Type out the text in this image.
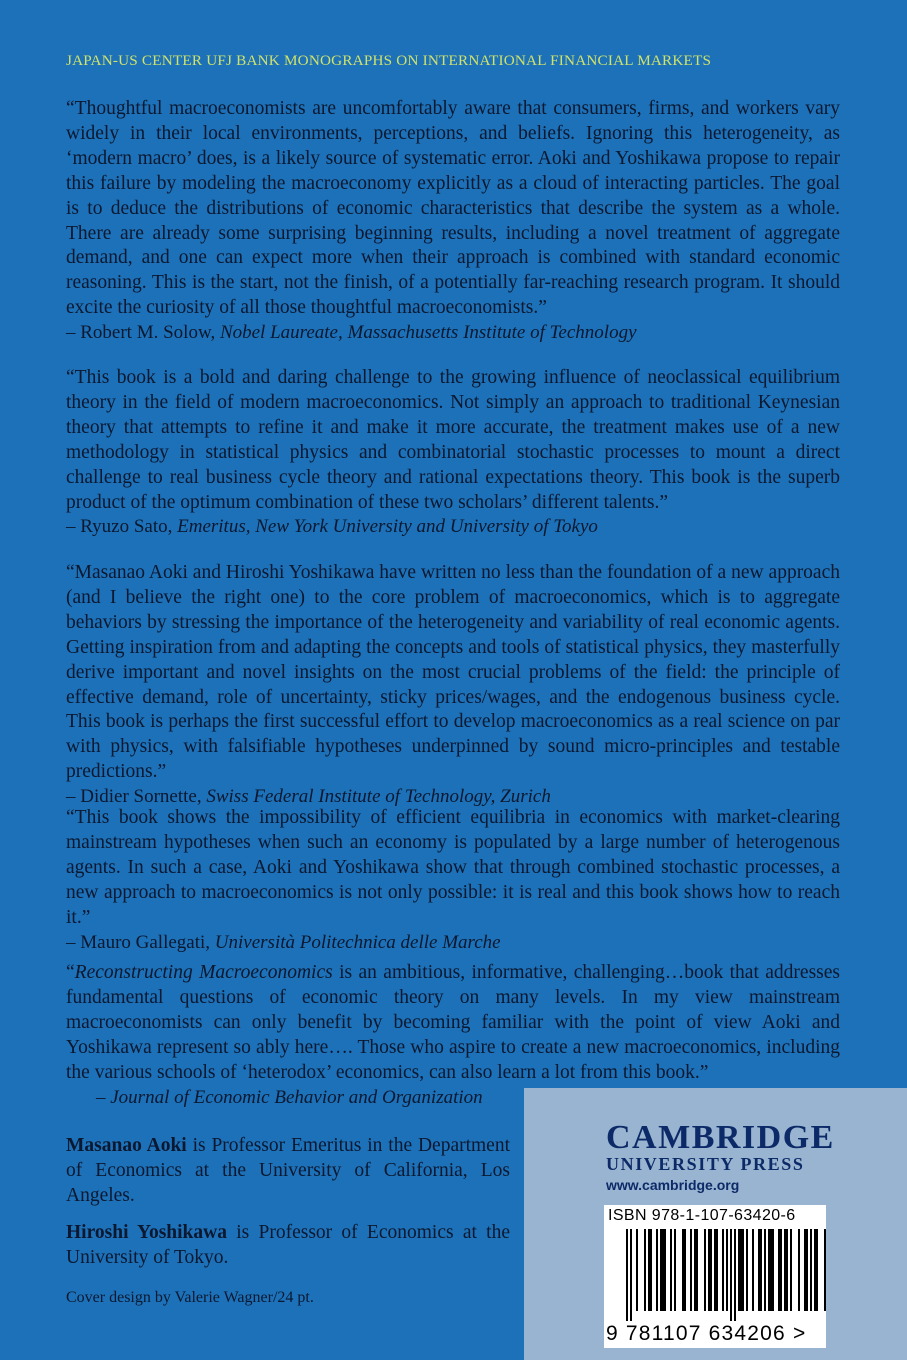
JAPAN-US CENTER UFJ BANK MONOGRAPHS ON INTERNATIONAL FINANCIAL MARKETS

“Thoughtful macroeconomists are uncomfortably aware that consumers, firms, and workers vary widely in their local environments, perceptions, and beliefs. Ignoring this heterogeneity, as ‘modern macro’ does, is a likely source of systematic error. Aoki and Yoshikawa propose to repair this failure by modeling the macroeconomy explicitly as a cloud of interacting particles. The goal is to deduce the distributions of economic characteristics that describe the system as a whole. There are already some surprising beginning results, including a novel treatment of aggregate demand, and one can expect more when their approach is combined with standard economic reasoning. This is the start, not the finish, of a potentially far-reaching research program. It should excite the curiosity of all those thoughtful macroeconomists.”

– Robert M. Solow, Nobel Laureate, Massachusetts Institute of Technology

“This book is a bold and daring challenge to the growing influence of neoclassical equilibrium theory in the field of modern macroeconomics. Not simply an approach to traditional Keynesian theory that attempts to refine it and make it more accurate, the treatment makes use of a new methodology in statistical physics and combinatorial stochastic processes to mount a direct challenge to real business cycle theory and rational expectations theory. This book is the superb product of the optimum combination of these two scholars’ different talents.”

– Ryuzo Sato, Emeritus, New York University and University of Tokyo

“Masanao Aoki and Hiroshi Yoshikawa have written no less than the foundation of a new approach (and I believe the right one) to the core problem of macroeconomics, which is to aggregate behaviors by stressing the importance of the heterogeneity and variability of real economic agents. Getting inspiration from and adapting the concepts and tools of statistical physics, they masterfully derive important and novel insights on the most crucial problems of the field: the principle of effective demand, role of uncertainty, sticky prices/wages, and the endogenous business cycle. This book is perhaps the first successful effort to develop macroeconomics as a real science on par with physics, with falsifiable hypotheses underpinned by sound micro-principles and testable predictions.”

– Didier Sornette, Swiss Federal Institute of Technology, Zurich

“This book shows the impossibility of efficient equilibria in economics with market-clearing mainstream hypotheses when such an economy is populated by a large number of heterogenous agents. In such a case, Aoki and Yoshikawa show that through combined stochastic processes, a new approach to macroeconomics is not only possible: it is real and this book shows how to reach it.”

– Mauro Gallegati, Università Politechnica delle Marche

“Reconstructing Macroeconomics is an ambitious, informative, challenging…book that addresses fundamental questions of economic theory on many levels. In my view mainstream macroeconomists can only benefit by becoming familiar with the point of view Aoki and Yoshikawa represent so ably here…. Those who aspire to create a new macroeconomics, including the various schools of ‘heterodox’ economics, can also learn a lot from this book.”

– Journal of Economic Behavior and Organization
Masanao Aoki is Professor Emeritus in the Department of Economics at the University of California, Los Angeles.
Hiroshi Yoshikawa is Professor of Economics at the University of Tokyo.
Cover design by Valerie Wagner/24 pt.
CAMBRIDGE
UNIVERSITY PRESS
www.cambridge.org
ISBN 978-1-107-63420-6
9 781107 634206 >
